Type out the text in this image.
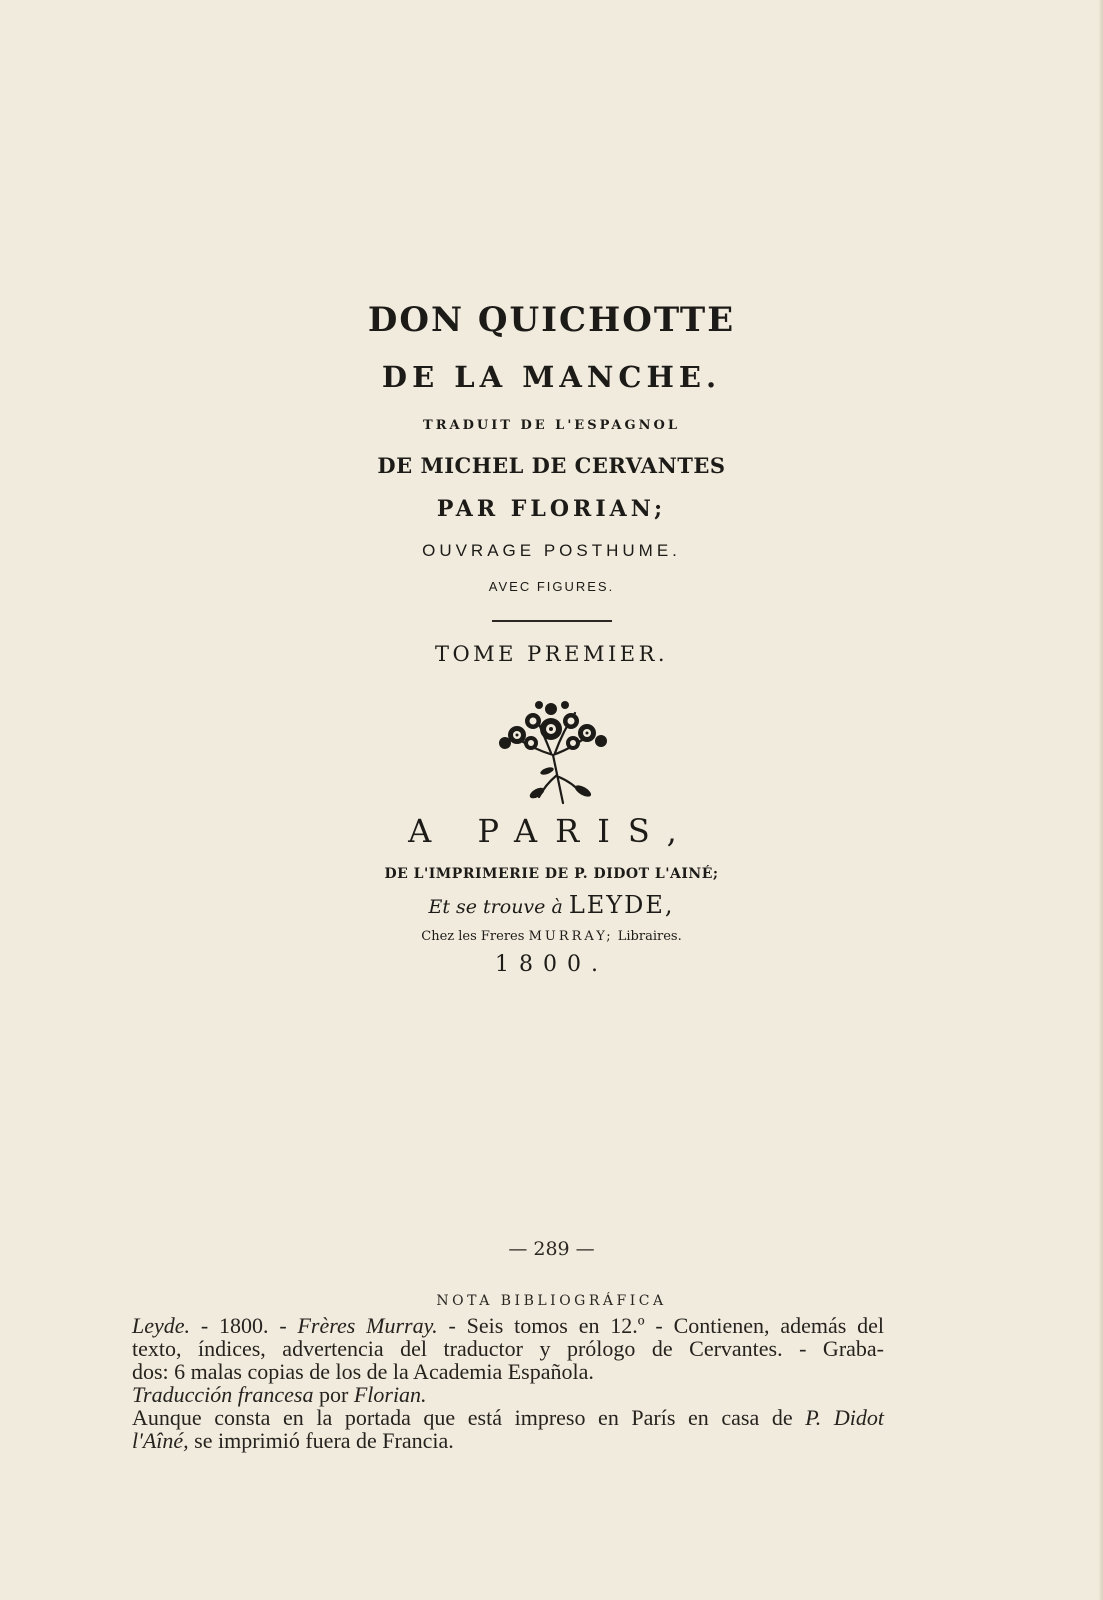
DON QUICHOTTE
DE LA MANCHE.
TRADUIT DE L'ESPAGNOL
DE MICHEL DE CERVANTES
PAR FLORIAN;
OUVRAGE POSTHUME.
AVEC FIGURES.
TOME PREMIER.
A PARIS,
DE L'IMPRIMERIE DE P. DIDOT L'AINÉ;
Et se trouve à LEYDE,
Chez les Freres MURRAY; Libraires.
1800.
— 289 —
NOTA BIBLIOGRÁFICA

Leyde. - 1800. - Frères Murray. - Seis tomos en 12.º - Contienen, además del

texto, índices, advertencia del traductor y prólogo de Cervantes. - Graba-

dos: 6 malas copias de los de la Academia Española.

Traducción francesa por Florian.

Aunque consta en la portada que está impreso en París en casa de P. Didot

l'Aîné, se imprimió fuera de Francia.
